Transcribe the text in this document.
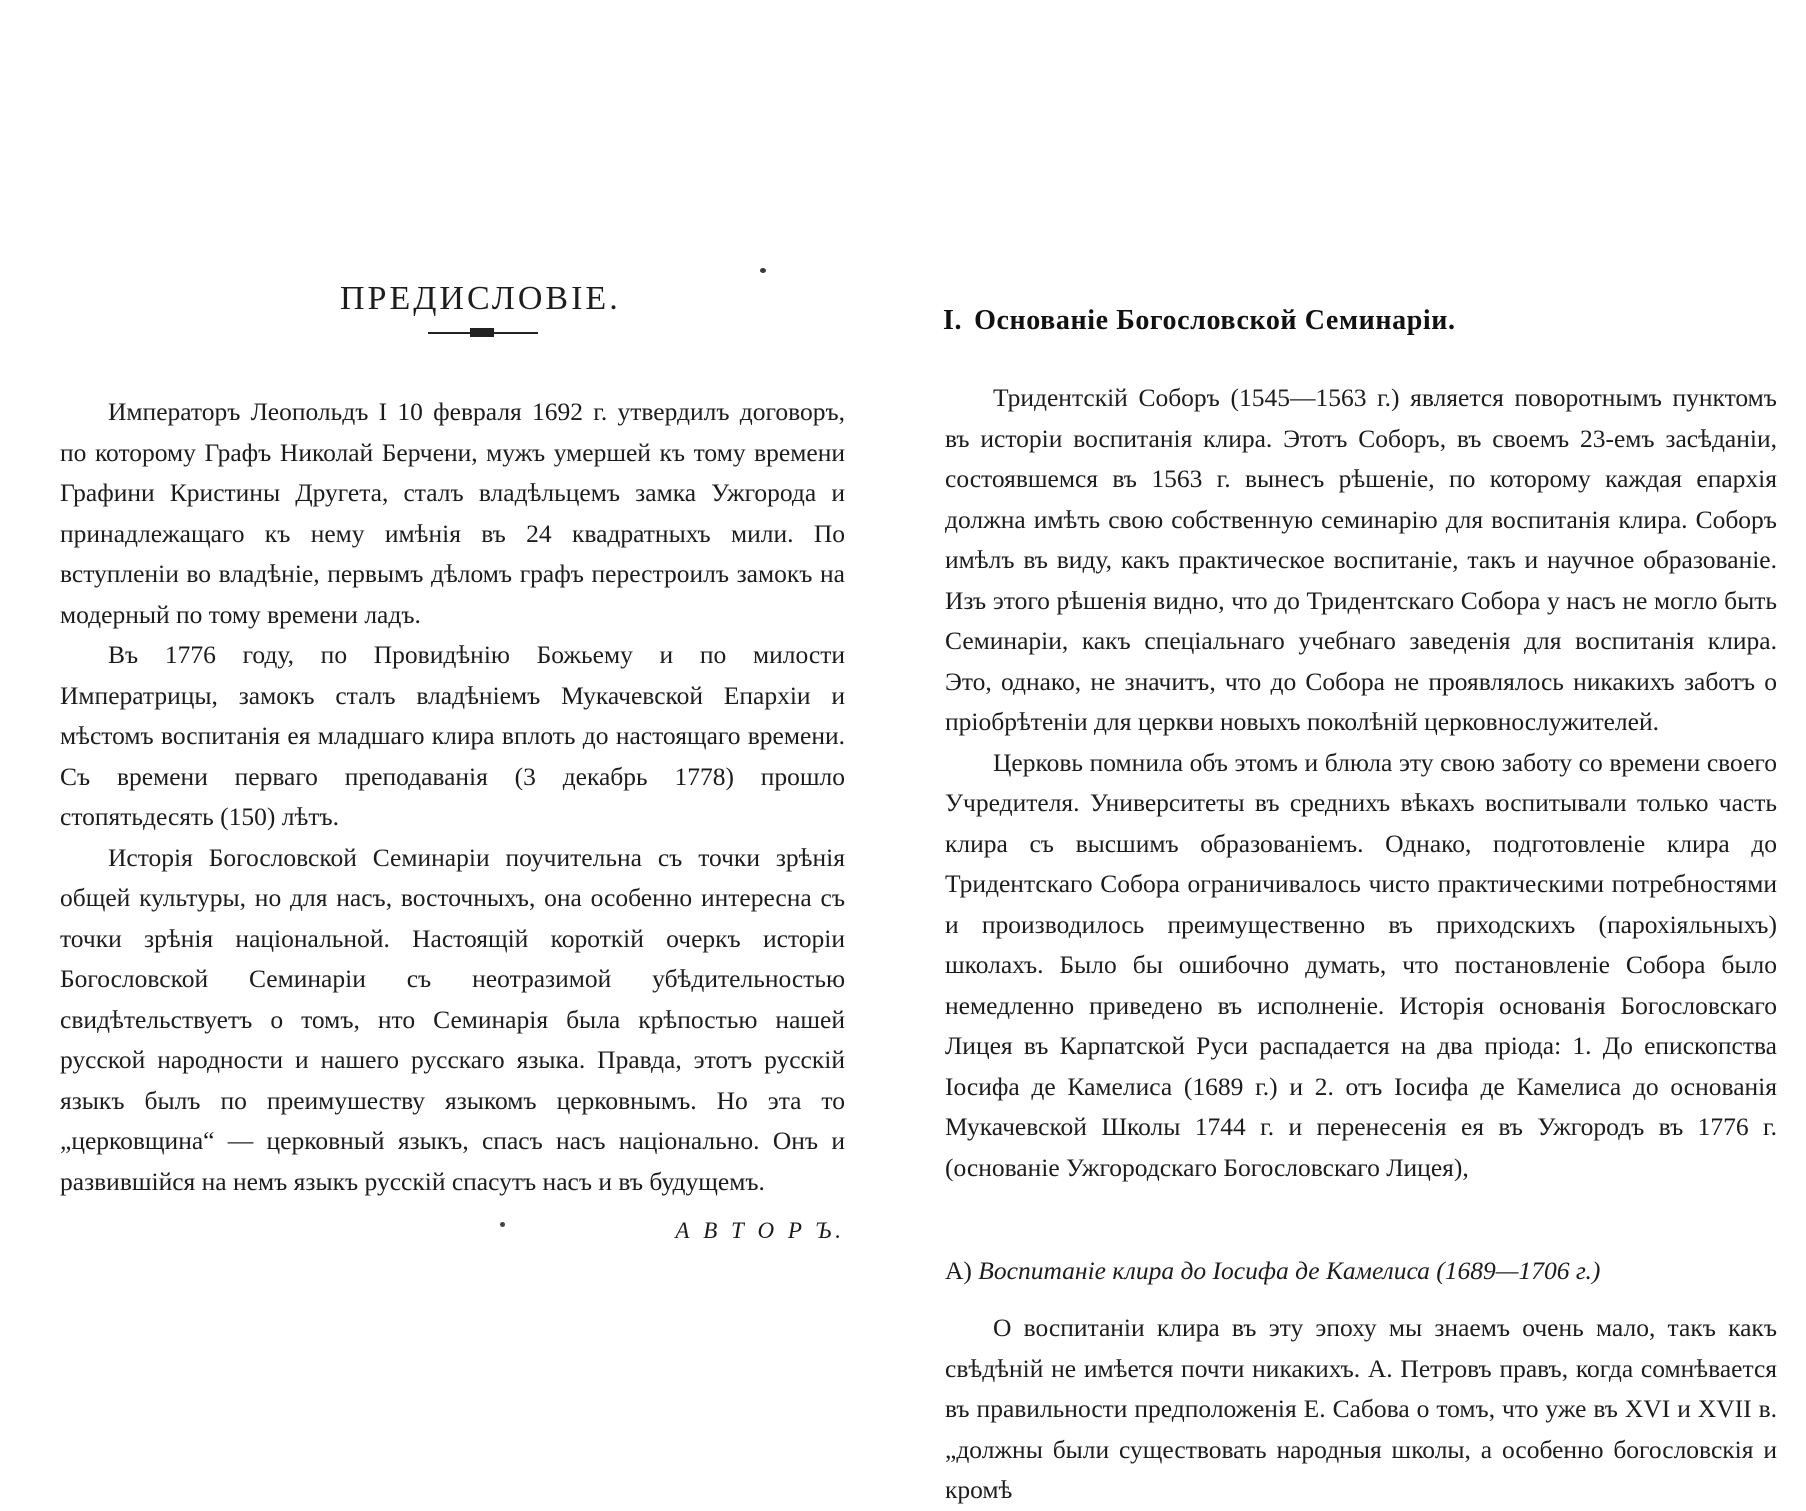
ПРЕДИСЛОВІЕ.

Императоръ Леопольдъ I 10 февраля 1692 г. утвердилъ договоръ, по которому Графъ Николай Берчени, мужъ умершей къ тому времени Графини Кристины Другета, сталъ владѣльцемъ замка Ужгорода и принадлежащаго къ нему имѣнія въ 24 квадратныхъ мили. По вступленіи во владѣніе, первымъ дѣломъ графъ перестроилъ замокъ на модерный по тому времени ладъ.

Въ 1776 году, по Провидѣнію Божьему и по милости Императрицы, замокъ сталъ владѣніемъ Мукачевской Епархіи и мѣстомъ воспитанія ея младшаго клира вплоть до настоящаго времени. Съ времени перваго преподаванія (3 декабрь 1778) прошло стопятьдесять (150) лѣтъ.

Исторія Богословской Семинаріи поучительна съ точки зрѣнія общей культуры, но для насъ, восточныхъ, она особенно интересна съ точки зрѣнія національной. Настоящій короткій очеркъ исторіи Богословской Семинаріи съ неотразимой убѣдительностью свидѣтельствуетъ о томъ, нто Семинарія была крѣпостью нашей русской народности и нашего русскаго языка. Правда, этотъ русскій языкъ былъ по преимушеству языкомъ церковнымъ. Но эта то „церковщина“ — церковный языкъ, спасъ насъ національно. Онъ и развившійся на немъ языкъ русскій спасутъ насъ и въ будущемъ.

А В Т О Р Ъ.
I. Основаніе Богословской Семинаріи.

Тридентскій Соборъ (1545—1563 г.) является поворотнымъ пунктомъ въ исторіи воспитанія клира. Этотъ Соборъ, въ своемъ 23-емъ засѣданіи, состоявшемся въ 1563 г. вынесъ рѣшеніе, по которому каждая епархія должна имѣть свою собственную семинарію для воспитанія клира. Соборъ имѣлъ въ виду, какъ практическое воспитаніе, такъ и научное образованіе. Изъ этого рѣшенія видно, что до Тридентскаго Собора у насъ не могло быть Семинаріи, какъ спеціальнаго учебнаго заведенія для воспитанія клира. Это, однако, не значитъ, что до Собора не проявлялось никакихъ заботъ о пріобрѣтеніи для церкви новыхъ поколѣній церковнослужителей.

Церковь помнила объ этомъ и блюла эту свою заботу со времени своего Учредителя. Университеты въ среднихъ вѣкахъ воспитывали только часть клира съ высшимъ образованіемъ. Однако, подготовленіе клира до Тридентскаго Собора ограничивалось чисто практическими потребностями и производилось преимущественно въ приходскихъ (парохіяльныхъ) школахъ. Было бы ошибочно думать, что постановленіе Собора было немедленно приведено въ исполненіе. Исторія основанія Богословскаго Лицея въ Карпатской Руси распадается на два пріода: 1. До епископства Іосифа де Камелиса (1689 г.) и 2. отъ Іосифа де Камелиса до основанія Мукачевской Школы 1744 г. и перенесенія ея въ Ужгородъ въ 1776 г. (основаніе Ужгородскаго Богословскаго Лицея),

А) Воспитаніе клира до Іосифа де Камелиса (1689—1706 г.)

О воспитаніи клира въ эту эпоху мы знаемъ очень мало, такъ какъ свѣдѣній не имѣется почти никакихъ. А. Петровъ правъ, когда сомнѣвается въ правильности предположенія Е. Сабова о томъ, что уже въ XVI и XVII в. „должны были существовать народныя школы, а особенно богословскія и кромѣ
